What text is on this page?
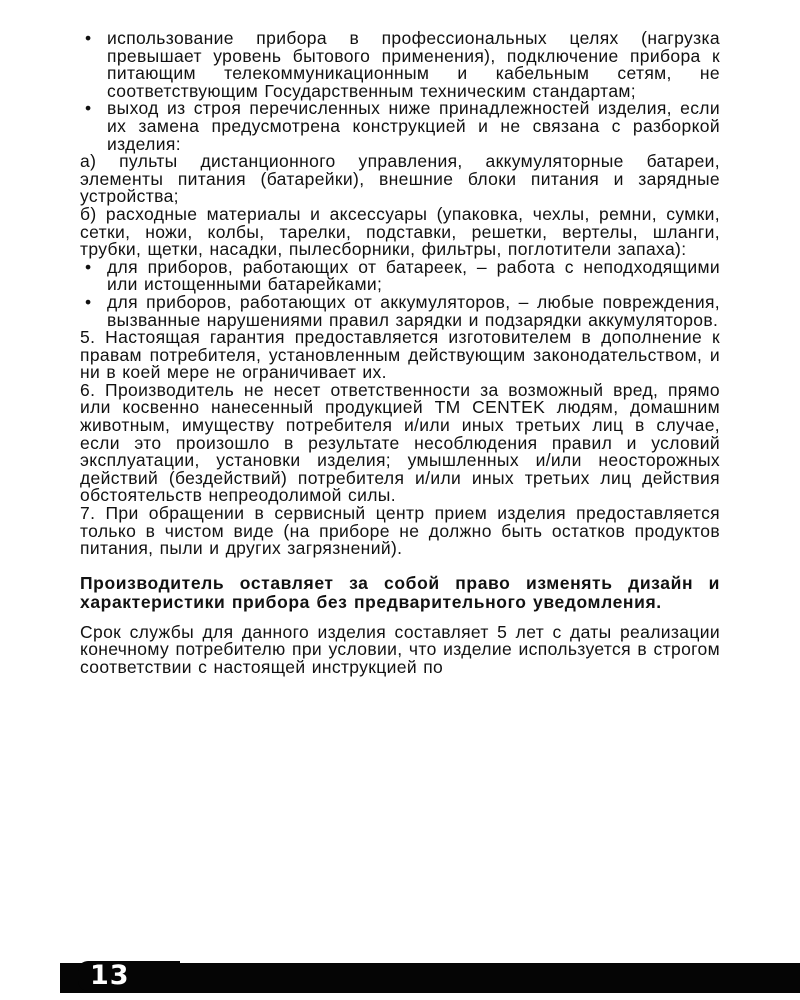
• использование прибора в профессиональных целях (нагрузка превышает уровень бытового применения), подключение прибора к питающим телекоммуникационным и кабельным сетям, не соответствующим Государственным техническим стандартам;

• выход из строя перечисленных ниже принадлежностей изделия, если их замена предусмотрена конструкцией и не связана с разборкой изделия:

а) пульты дистанционного управления, аккумуляторные батареи, элементы питания (батарейки), внешние блоки питания и зарядные устройства;

б) расходные материалы и аксессуары (упаковка, чехлы, ремни, сумки, сетки, ножи, колбы, тарелки, подставки, решетки, вертелы, шланги, трубки, щетки, насадки, пылесборники, фильтры, поглотители запаха):

• для приборов, работающих от батареек, – работа с неподходящими или истощенными батарейками;

• для приборов, работающих от аккумуляторов, – любые повреждения, вызванные нарушениями правил зарядки и подзарядки аккумуляторов.

5. Настоящая гарантия предоставляется изготовителем в дополнение к правам потребителя, установленным действующим законодательством, и ни в коей мере не ограничивает их.

6. Производитель не несет ответственности за возможный вред, прямо или косвенно нанесенный продукцией ТМ CENTEK людям, домашним животным, имуществу потребителя и/или иных третьих лиц в случае, если это произошло в результате несоблюдения правил и условий эксплуатации, установки изделия; умышленных и/или неосторожных действий (бездействий) потребителя и/или иных третьих лиц действия обстоятельств непреодолимой силы.

7. При обращении в сервисный центр прием изделия предоставляется только в чистом виде (на приборе не должно быть остатков продуктов питания, пыли и других загрязнений).

Производитель оставляет за собой право изменять дизайн и характеристики прибора без предварительного уведомления.

Срок службы для данного изделия составляет 5 лет с даты реализации конечному потребителю при условии, что изделие используется в строгом соответствии с настоящей инструкцией по

13
